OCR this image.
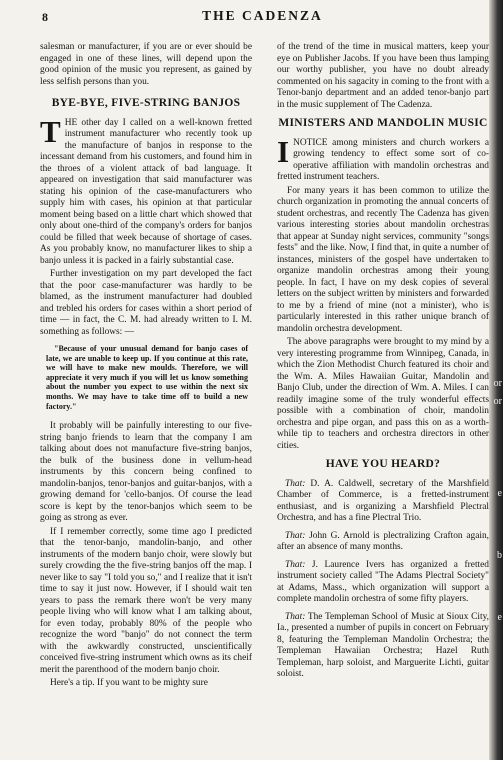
8	THE CADENZA

salesman or manufacturer, if you are or ever should be engaged in one of these lines, will depend upon the good opinion of the music you represent, as gained by less selfish persons than you.

BYE-BYE, FIVE-STRING BANJOS

THE other day I called on a well-known fretted instrument manufacturer who recently took up the manufacture of banjos in response to the incessant demand from his customers, and found him in the throes of a violent attack of bad language. It appeared on investigation that said manufacturer was stating his opinion of the case-manufacturers who supply him with cases, his opinion at that particular moment being based on a little chart which showed that only about one-third of the company's orders for banjos could be filled that week because of shortage of cases. As you probably know, no manufacturer likes to ship a banjo unless it is packed in a fairly substantial case.

Further investigation on my part developed the fact that the poor case-manufacturer was hardly to be blamed, as the instrument manufacturer had doubled and trebled his orders for cases within a short period of time — in fact, the C. M. had already written to I. M. something as follows: —

"Because of your unusual demand for banjo cases of late, we are unable to keep up. If you continue at this rate, we will have to make new moulds. Therefore, we will appreciate it very much if you will let us know something about the number you expect to use within the next six months. We may have to take time off to build a new factory."

It probably will be painfully interesting to our five-string banjo friends to learn that the company I am talking about does not manufacture five-string banjos, the bulk of the business done in vellum-head instruments by this concern being confined to mandolin-banjos, tenor-banjos and guitar-banjos, with a growing demand for 'cello-banjos. Of course the lead score is kept by the tenor-banjos which seem to be going as strong as ever.

If I remember correctly, some time ago I predicted that the tenor-banjo, mandolin-banjo, and other instruments of the modern banjo choir, were slowly but surely crowding the the five-string banjos off the map. I never like to say "I told you so," and I realize that it isn't time to say it just now. However, if I should wait ten years to pass the remark there won't be very many people living who will know what I am talking about, for even today, probably 80% of the people who recognize the word "banjo" do not connect the term with the awkwardly constructed, unscientifically conceived five-string instrument which owns as its cheif merit the parenthood of the modern banjo choir.

Here's a tip. If you want to be mighty sure

of the trend of the time in musical matters, keep your eye on Publisher Jacobs. If you have been thus lamping our worthy publisher, you have no doubt already commented on his sagacity in coming to the front with a Tenor-banjo department and an added tenor-banjo part in the music supplement of The Cadenza.

MINISTERS AND MANDOLIN MUSIC

INOTICE among ministers and church workers a growing tendency to effect some sort of co-operative affiliation with mandolin orchestras and fretted instrument teachers.

For many years it has been common to utilize the church organization in promoting the annual concerts of student orchestras, and recently The Cadenza has given various interesting stories about mandolin orchestras that appear at Sunday night services, community "songs fests" and the like. Now, I find that, in quite a number of instances, ministers of the gospel have undertaken to organize mandolin orchestras among their young people. In fact, I have on my desk copies of several letters on the subject written by ministers and forwarded to me by a friend of mine (not a minister), who is particularly interested in this rather unique branch of mandolin orchestra development.

The above paragraphs were brought to my mind by a very interesting programme from Winnipeg, Canada, in which the Zion Methodist Church featured its choir and the Wm. A. Miles Hawaiian Guitar, Mandolin and Banjo Club, under the direction of Wm. A. Miles. I can readily imagine some of the truly wonderful effects possible with a combination of choir, mandolin orchestra and pipe organ, and pass this on as a worth-while tip to teachers and orchestra directors in other cities.

HAVE YOU HEARD?

That: D. A. Caldwell, secretary of the Marshfield Chamber of Commerce, is a fretted-instrument enthusiast, and is organizing a Marshfield Plectral Orchestra, and has a fine Plectral Trio.

That: John G. Arnold is plectralizing Crafton again, after an absence of many months.

That: J. Laurence Ivers has organized a fretted instrument society called "The Adams Plectral Society" at Adams, Mass., which organization will support a complete mandolin orchestra of some fifty players.

That: The Templeman School of Music at Sioux City, Ia., presented a number of pupils in concert on February 8, featuring the Templeman Mandolin Orchestra; the Templeman Hawaiian Orchestra; Hazel Ruth Templeman, harp soloist, and Marguerite Lichti, guitar soloist.

or
or
e
b
e
